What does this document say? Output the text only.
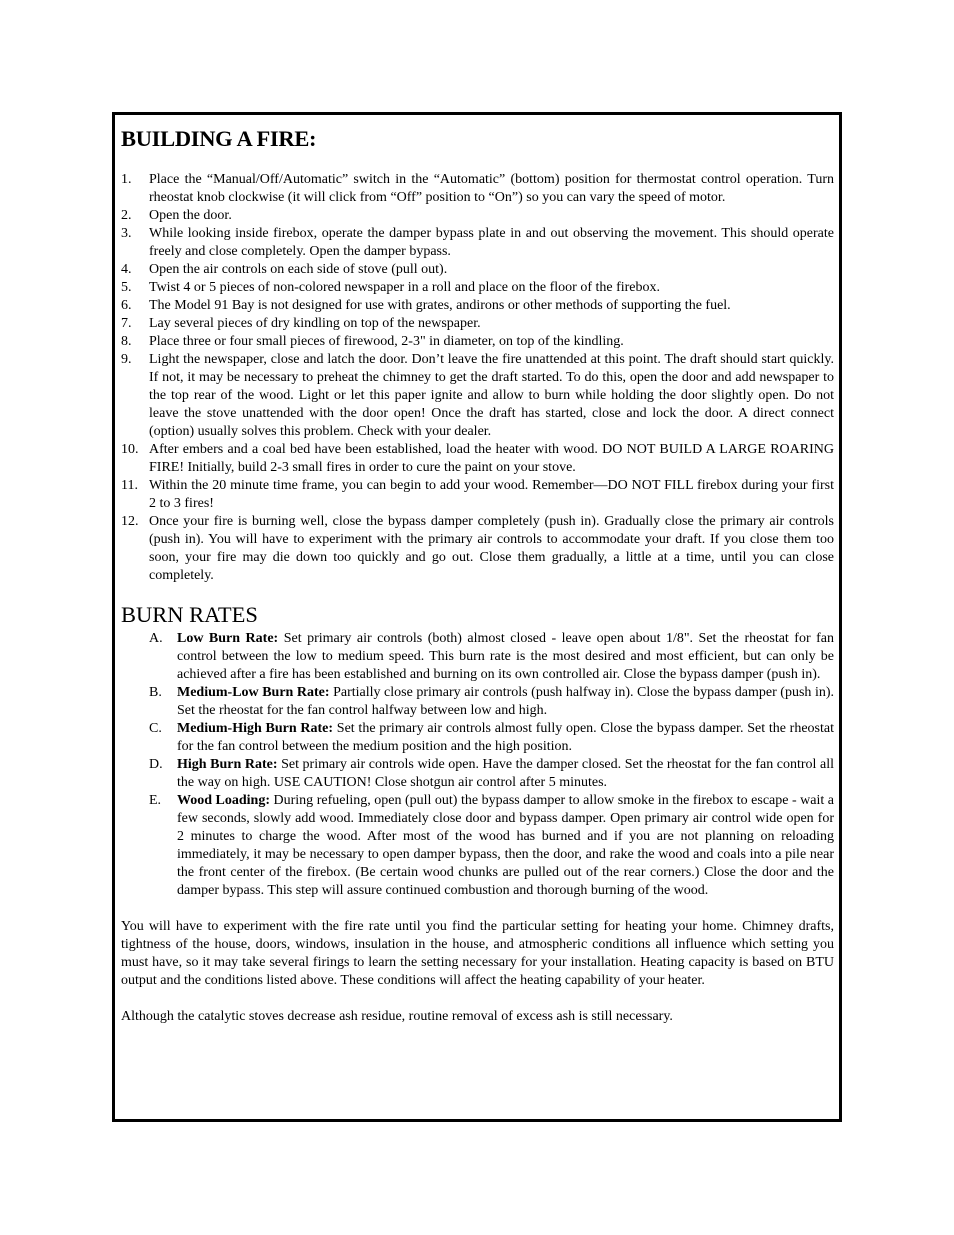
BUILDING A FIRE:
1. Place the “Manual/Off/Automatic” switch in the “Automatic” (bottom) position for thermostat control operation. Turn rheostat knob clockwise (it will click from “Off” position to “On”) so you can vary the speed of motor.
2. Open the door.
3. While looking inside firebox, operate the damper bypass plate in and out observing the movement. This should operate freely and close completely. Open the damper bypass.
4. Open the air controls on each side of stove (pull out).
5. Twist 4 or 5 pieces of non-colored newspaper in a roll and place on the floor of the firebox.
6. The Model 91 Bay is not designed for use with grates, andirons or other methods of supporting the fuel.
7. Lay several pieces of dry kindling on top of the newspaper.
8. Place three or four small pieces of firewood, 2-3" in diameter, on top of the kindling.
9. Light the newspaper, close and latch the door. Don’t leave the fire unattended at this point. The draft should start quickly. If not, it may be necessary to preheat the chimney to get the draft started. To do this, open the door and add newspaper to the top rear of the wood. Light or let this paper ignite and allow to burn while holding the door slightly open. Do not leave the stove unattended with the door open! Once the draft has started, close and lock the door. A direct connect (option) usually solves this problem. Check with your dealer.
10. After embers and a coal bed have been established, load the heater with wood. DO NOT BUILD A LARGE ROARING FIRE! Initially, build 2-3 small fires in order to cure the paint on your stove.
11. Within the 20 minute time frame, you can begin to add your wood. Remember—DO NOT FILL firebox during your first 2 to 3 fires!
12. Once your fire is burning well, close the bypass damper completely (push in). Gradually close the primary air controls (push in). You will have to experiment with the primary air controls to accommodate your draft. If you close them too soon, your fire may die down too quickly and go out. Close them gradually, a little at a time, until you can close completely.
BURN RATES
A. Low Burn Rate: Set primary air controls (both) almost closed - leave open about 1/8". Set the rheostat for fan control between the low to medium speed. This burn rate is the most desired and most efficient, but can only be achieved after a fire has been established and burning on its own controlled air. Close the bypass damper (push in).
B. Medium-Low Burn Rate: Partially close primary air controls (push halfway in). Close the bypass damper (push in). Set the rheostat for the fan control halfway between low and high.
C. Medium-High Burn Rate: Set the primary air controls almost fully open. Close the bypass damper. Set the rheostat for the fan control between the medium position and the high position.
D. High Burn Rate: Set primary air controls wide open. Have the damper closed. Set the rheostat for the fan control all the way on high. USE CAUTION! Close shotgun air control after 5 minutes.
E. Wood Loading: During refueling, open (pull out) the bypass damper to allow smoke in the firebox to escape - wait a few seconds, slowly add wood. Immediately close door and bypass damper. Open primary air control wide open for 2 minutes to charge the wood. After most of the wood has burned and if you are not planning on reloading immediately, it may be necessary to open damper bypass, then the door, and rake the wood and coals into a pile near the front center of the firebox. (Be certain wood chunks are pulled out of the rear corners.) Close the door and the damper bypass. This step will assure continued combustion and thorough burning of the wood.

You will have to experiment with the fire rate until you find the particular setting for heating your home. Chimney drafts, tightness of the house, doors, windows, insulation in the house, and atmospheric conditions all influence which setting you must have, so it may take several firings to learn the setting necessary for your installation. Heating capacity is based on BTU output and the conditions listed above. These conditions will affect the heating capability of your heater.

Although the catalytic stoves decrease ash residue, routine removal of excess ash is still necessary.
